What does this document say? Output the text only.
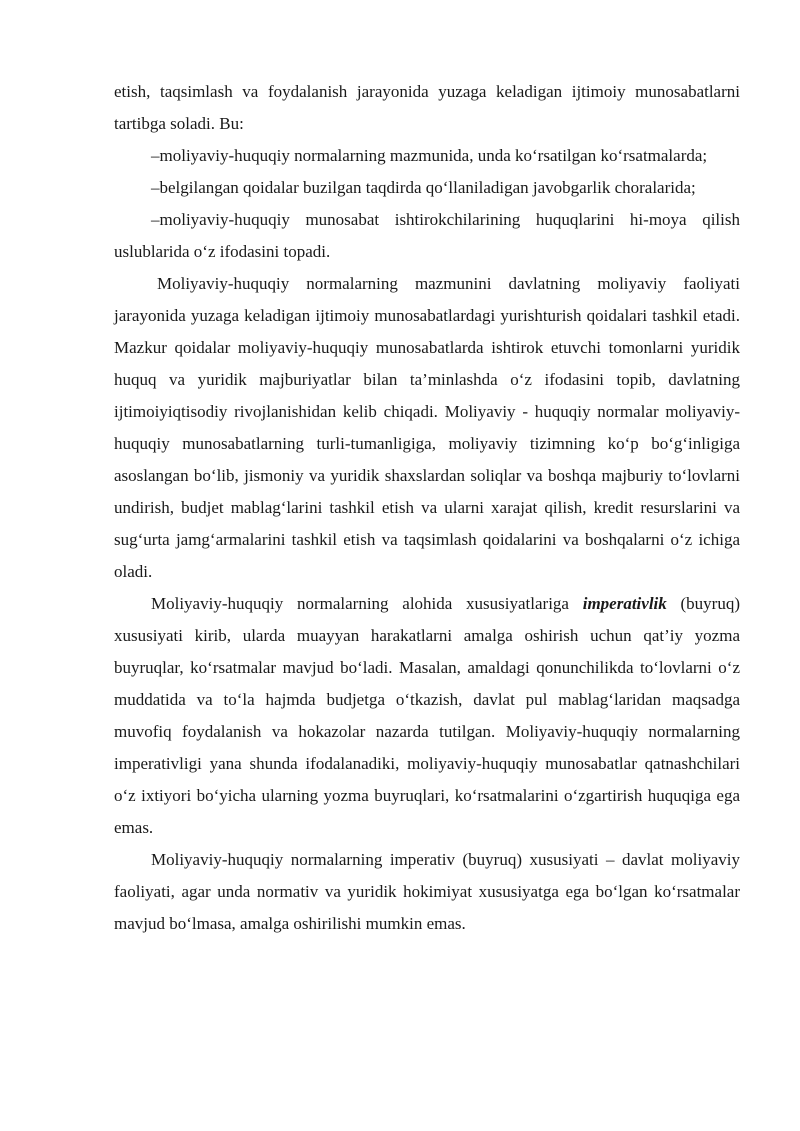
etish, taqsimlash va foydalanish jarayonida yuzaga keladigan ijtimoiy munosabatlarni tartibga soladi. Bu:

–moliyaviy-huquqiy normalarning mazmunida, unda koʻrsatilgan koʻrsatmalarda;

–belgilangan qoidalar buzilgan taqdirda qoʻllaniladigan javobgarlik choralarida;

–moliyaviy-huquqiy munosabat ishtirokchilarining huquqlarini hi-moya qilish uslublarida oʻz ifodasini topadi.

Moliyaviy-huquqiy normalarning mazmunini davlatning moliyaviy faoliyati jarayonida yuzaga keladigan ijtimoiy munosabatlardagi yurishturish qoidalari tashkil etadi. Mazkur qoidalar moliyaviy-huquqiy munosabatlarda ishtirok etuvchi tomonlarni yuridik huquq va yuridik majburiyatlar bilan ta’minlashda oʻz ifodasini topib, davlatning ijtimoiyiqtisodiy rivojlanishidan kelib chiqadi. Moliyaviy - huquqiy normalar moliyaviy-huquqiy munosabatlarning turli-tumanligiga, moliyaviy tizimning koʻp boʻgʻinligiga asoslangan boʻlib, jismoniy va yuridik shaxslardan soliqlar va boshqa majburiy toʻlovlarni undirish, budjet mablagʻlarini tashkil etish va ularni xarajat qilish, kredit resurslarini va sugʻurta jamgʻarmalarini tashkil etish va taqsimlash qoidalarini va boshqalarni oʻz ichiga oladi.

Moliyaviy-huquqiy normalarning alohida xususiyatlariga imperativlik (buyruq) xususiyati kirib, ularda muayyan harakatlarni amalga oshirish uchun qat’iy yozma buyruqlar, koʻrsatmalar mavjud boʻladi. Masalan, amaldagi qonunchilikda toʻlovlarni oʻz muddatida va toʻla hajmda budjetga oʻtkazish, davlat pul mablagʻlaridan maqsadga muvofiq foydalanish va hokazolar nazarda tutilgan. Moliyaviy-huquqiy normalarning imperativligi yana shunda ifodalanadiki, moliyaviy-huquqiy munosabatlar qatnashchilari oʻz ixtiyori boʻyicha ularning yozma buyruqlari, koʻrsatmalarini oʻzgartirish huquqiga ega emas.

Moliyaviy-huquqiy normalarning imperativ (buyruq) xususiyati – davlat moliyaviy faoliyati, agar unda normativ va yuridik hokimiyat xususiyatga ega boʻlgan koʻrsatmalar mavjud boʻlmasa, amalga oshirilishi mumkin emas.
